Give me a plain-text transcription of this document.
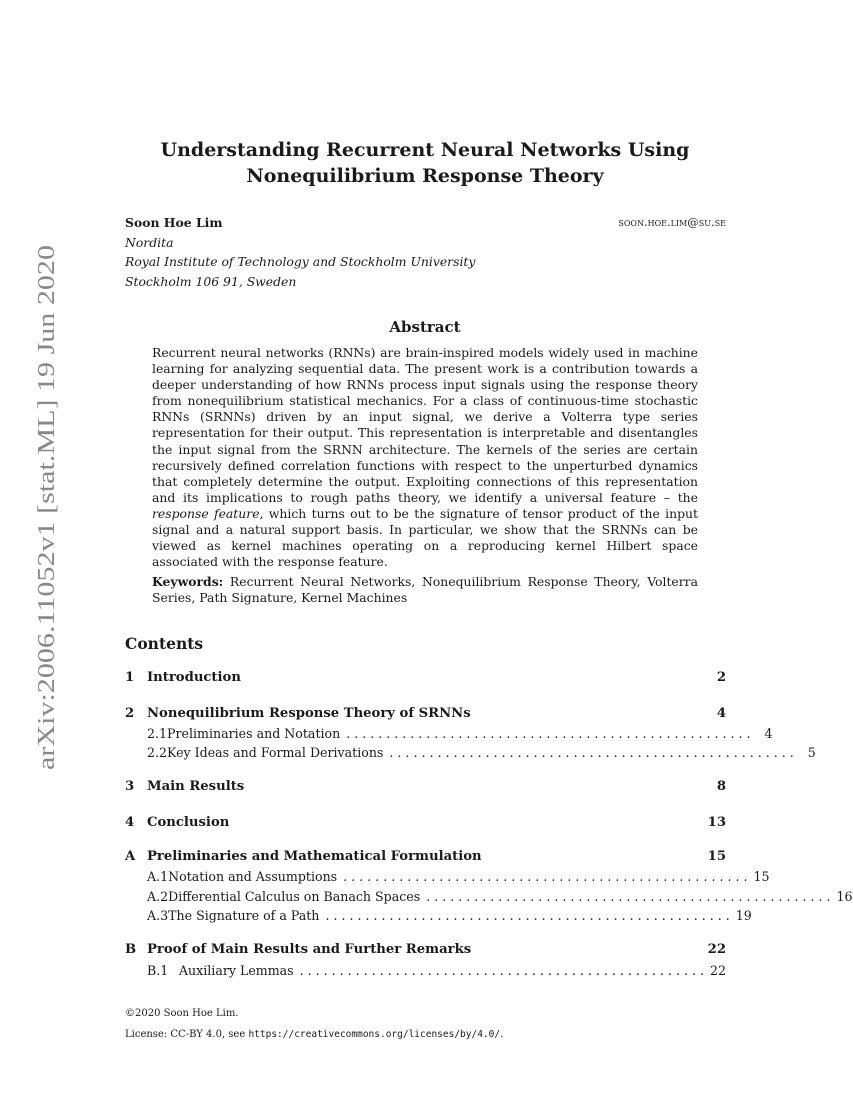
arXiv:2006.11052v1 [stat.ML] 19 Jun 2020
Understanding Recurrent Neural Networks Using
Nonequilibrium Response Theory
Soon Hoe Lim	soon.hoe.lim@su.se
Nordita
Royal Institute of Technology and Stockholm University
Stockholm 106 91, Sweden
Abstract
Recurrent neural networks (RNNs) are brain-inspired models widely used in machine learning for analyzing sequential data. The present work is a contribution towards a deeper understanding of how RNNs process input signals using the response theory from nonequilibrium statistical mechanics. For a class of continuous-time stochastic RNNs (SRNNs) driven by an input signal, we derive a Volterra type series representation for their output. This representation is interpretable and disentangles the input signal from the SRNN architecture. The kernels of the series are certain recursively defined correlation functions with respect to the unperturbed dynamics that completely determine the output. Exploiting connections of this representation and its implications to rough paths theory, we identify a universal feature – the response feature, which turns out to be the signature of tensor product of the input signal and a natural support basis. In particular, we show that the SRNNs can be viewed as kernel machines operating on a reproducing kernel Hilbert space associated with the response feature.
Keywords: Recurrent Neural Networks, Nonequilibrium Response Theory, Volterra Series, Path Signature, Kernel Machines
Contents
1 Introduction	2
2 Nonequilibrium Response Theory of SRNNs	4
2.1 Preliminaries and Notation . . . . . . . . . . . . . . . . . . . . . . . . . . . . . . . . . . . . . . . . . . . . . . . . . . .	4
2.2 Key Ideas and Formal Derivations . . . . . . . . . . . . . . . . . . . . . . . . . . . . . . . . . . . . . . . . . . . . . . . . . . .	5
3 Main Results	8
4 Conclusion	13
A Preliminaries and Mathematical Formulation	15
A.1 Notation and Assumptions . . . . . . . . . . . . . . . . . . . . . . . . . . . . . . . . . . . . . . . . . . . . . . . . . . . 15
A.2 Differential Calculus on Banach Spaces . . . . . . . . . . . . . . . . . . . . . . . . . . . . . . . . . . . . . . . . . . . . . . . . . . . 16
A.3 The Signature of a Path . . . . . . . . . . . . . . . . . . . . . . . . . . . . . . . . . . . . . . . . . . . . . . . . . . . 19
B Proof of Main Results and Further Remarks	22
B.1 Auxiliary Lemmas . . . . . . . . . . . . . . . . . . . . . . . . . . . . . . . . . . . . . . . . . . . . . . . . . . . 22
©2020 Soon Hoe Lim.
License: CC-BY 4.0, see https://creativecommons.org/licenses/by/4.0/.
